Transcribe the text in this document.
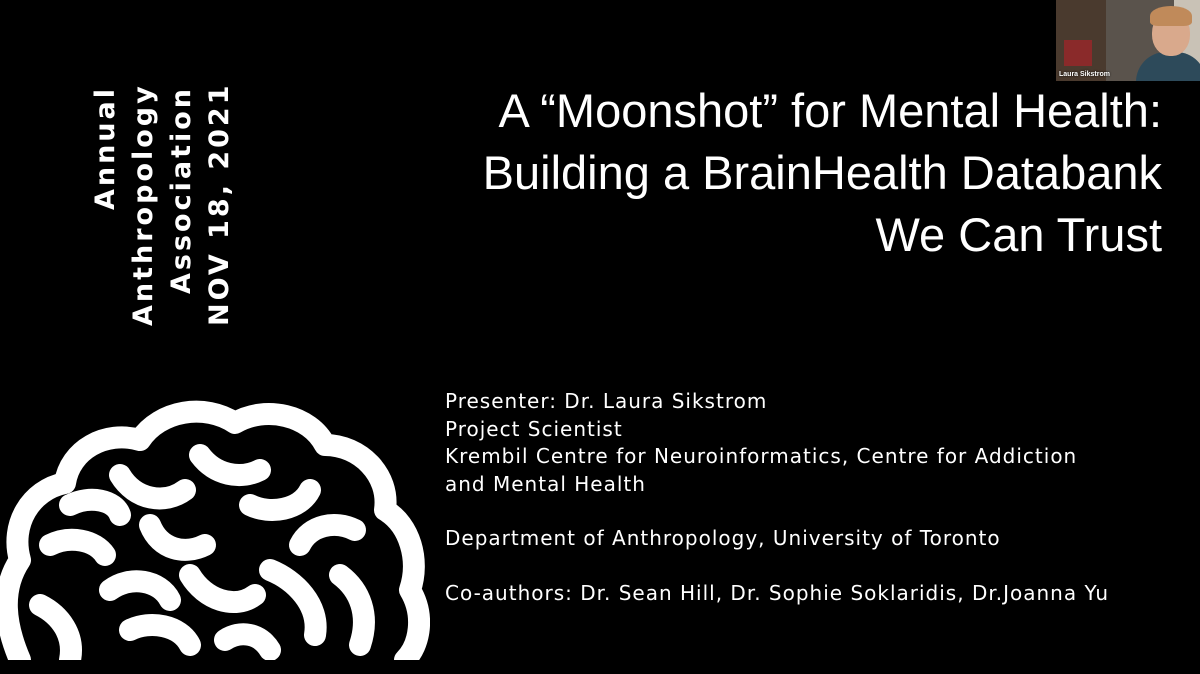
Annual Anthropology Association NOV 18, 2021	A “Moonshot” for Mental Health:
Building a BrainHealth Databank
We Can Trust
Presenter: Dr. Laura Sikstrom
Project Scientist
Krembil Centre for Neuroinformatics, Centre for Addiction
and Mental Health
Department of Anthropology, University of Toronto
Co-authors: Dr. Sean Hill, Dr. Sophie Soklaridis, Dr.Joanna Yu
Laura Sikstrom
